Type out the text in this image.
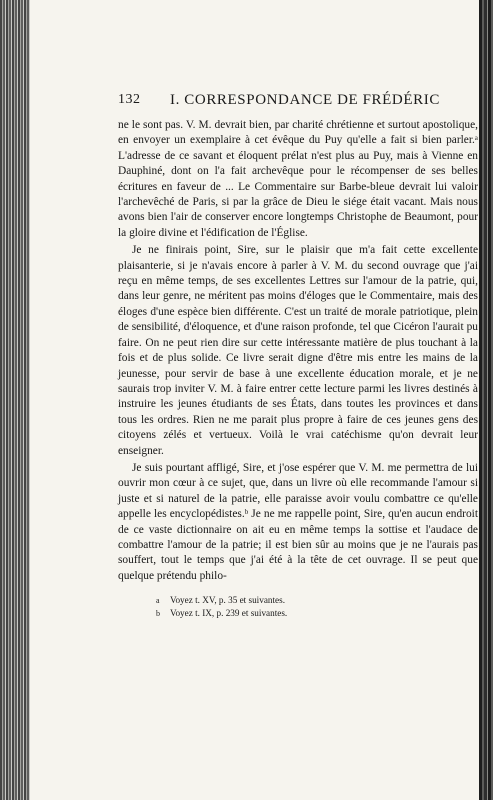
132 I. CORRESPONDANCE DE FRÉDÉRIC

ne le sont pas. V. M. devrait bien, par charité chrétienne et surtout apostolique, en envoyer un exemplaire à cet évêque du Puy qu'elle a fait si bien parler.ᵃ L'adresse de ce savant et éloquent prélat n'est plus au Puy, mais à Vienne en Dauphiné, dont on l'a fait archevêque pour le récompenser de ses belles écritures en faveur de ... Le Commentaire sur Barbe-bleue devrait lui valoir l'archevêché de Paris, si par la grâce de Dieu le siége était vacant. Mais nous avons bien l'air de conserver encore longtemps Christophe de Beaumont, pour la gloire divine et l'édification de l'Église.

Je ne finirais point, Sire, sur le plaisir que m'a fait cette excellente plaisanterie, si je n'avais encore à parler à V. M. du second ouvrage que j'ai reçu en même temps, de ses excellentes Lettres sur l'amour de la patrie, qui, dans leur genre, ne méritent pas moins d'éloges que le Commentaire, mais des éloges d'une espèce bien différente. C'est un traité de morale patriotique, plein de sensibilité, d'éloquence, et d'une raison profonde, tel que Cicéron l'aurait pu faire. On ne peut rien dire sur cette intéressante matière de plus touchant à la fois et de plus solide. Ce livre serait digne d'être mis entre les mains de la jeunesse, pour servir de base à une excellente éducation morale, et je ne saurais trop inviter V. M. à faire entrer cette lecture parmi les livres destinés à instruire les jeunes étudiants de ses États, dans toutes les provinces et dans tous les ordres. Rien ne me parait plus propre à faire de ces jeunes gens des citoyens zélés et vertueux. Voilà le vrai catéchisme qu'on devrait leur enseigner.

Je suis pourtant affligé, Sire, et j'ose espérer que V. M. me permettra de lui ouvrir mon cœur à ce sujet, que, dans un livre où elle recommande l'amour si juste et si naturel de la patrie, elle paraisse avoir voulu combattre ce qu'elle appelle les encyclopédistes.ᵇ Je ne me rappelle point, Sire, qu'en aucun endroit de ce vaste dictionnaire on ait eu en même temps la sottise et l'audace de combattre l'amour de la patrie; il est bien sûr au moins que je ne l'aurais pas souffert, tout le temps que j'ai été à la tête de cet ouvrage. Il se peut que quelque prétendu philo-

a Voyez t. XV, p. 35 et suivantes.
b Voyez t. IX, p. 239 et suivantes.
